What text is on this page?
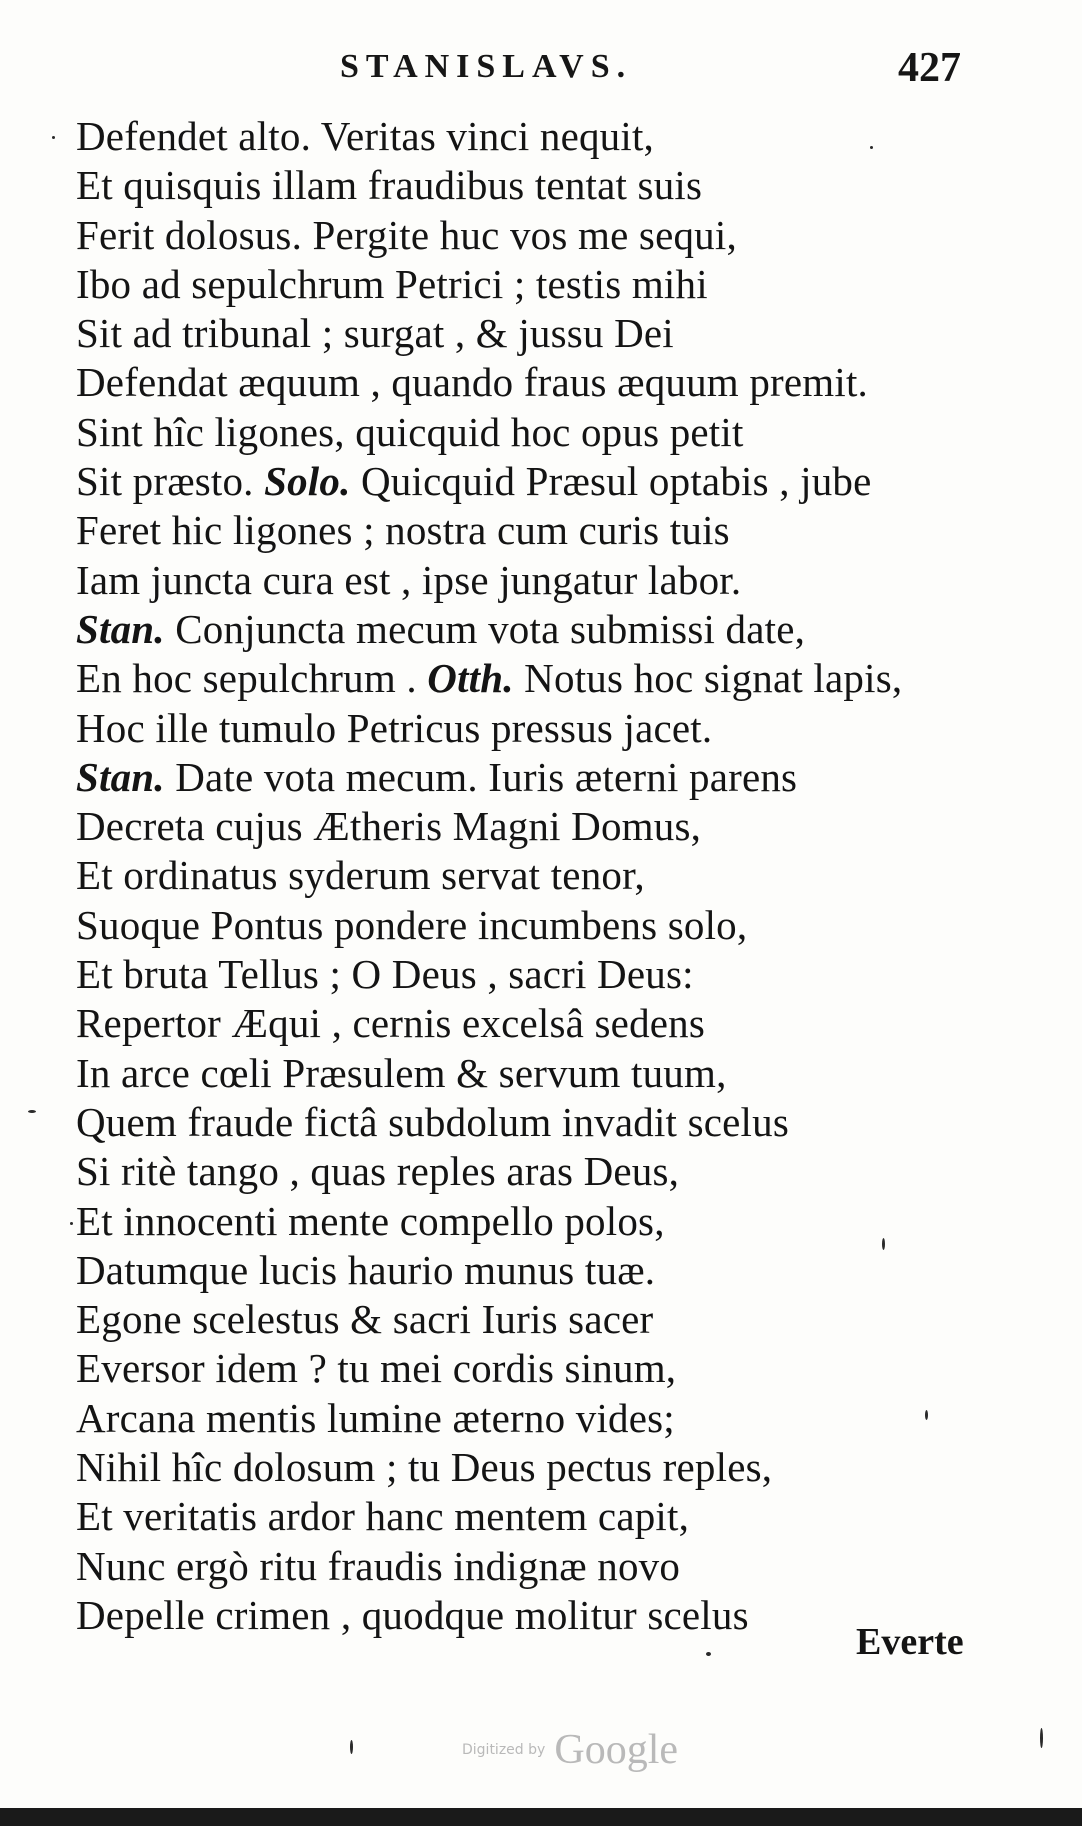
STANISLAVS.	427
Defendet alto. Veritas vinci nequit,
Et quisquis illam fraudibus tentat suis
Ferit dolosus. Pergite huc vos me sequi,
Ibo ad sepulchrum Petrici ; testis mihi
Sit ad tribunal ; surgat , & jussu Dei
Defendat æquum , quando fraus æquum premit.
Sint hîc ligones, quicquid hoc opus petit
Sit præsto. Solo. Quicquid Præsul optabis , jube
Feret hic ligones ; nostra cum curis tuis
Iam juncta cura est , ipse jungatur labor.
Stan. Conjuncta mecum vota submissi date,
En hoc sepulchrum . Otth. Notus hoc signat lapis,
Hoc ille tumulo Petricus pressus jacet.
Stan. Date vota mecum. Iuris æterni parens
Decreta cujus Ætheris Magni Domus,
Et ordinatus syderum servat tenor,
Suoque Pontus pondere incumbens solo,
Et bruta Tellus ; O Deus , sacri Deus:
Repertor Æqui , cernis excelsâ sedens
In arce cœli Præsulem & servum tuum,
Quem fraude fictâ subdolum invadit scelus
Si ritè tango , quas reples aras Deus,
Et innocenti mente compello polos,
Datumque lucis haurio munus tuæ.
Egone scelestus & sacri Iuris sacer
Eversor idem ? tu mei cordis sinum,
Arcana mentis lumine æterno vides;
Nihil hîc dolosum ; tu Deus pectus reples,
Et veritatis ardor hanc mentem capit,
Nunc ergò ritu fraudis indignæ novo
Depelle crimen , quodque molitur scelus
Everte
Digitized by Google
